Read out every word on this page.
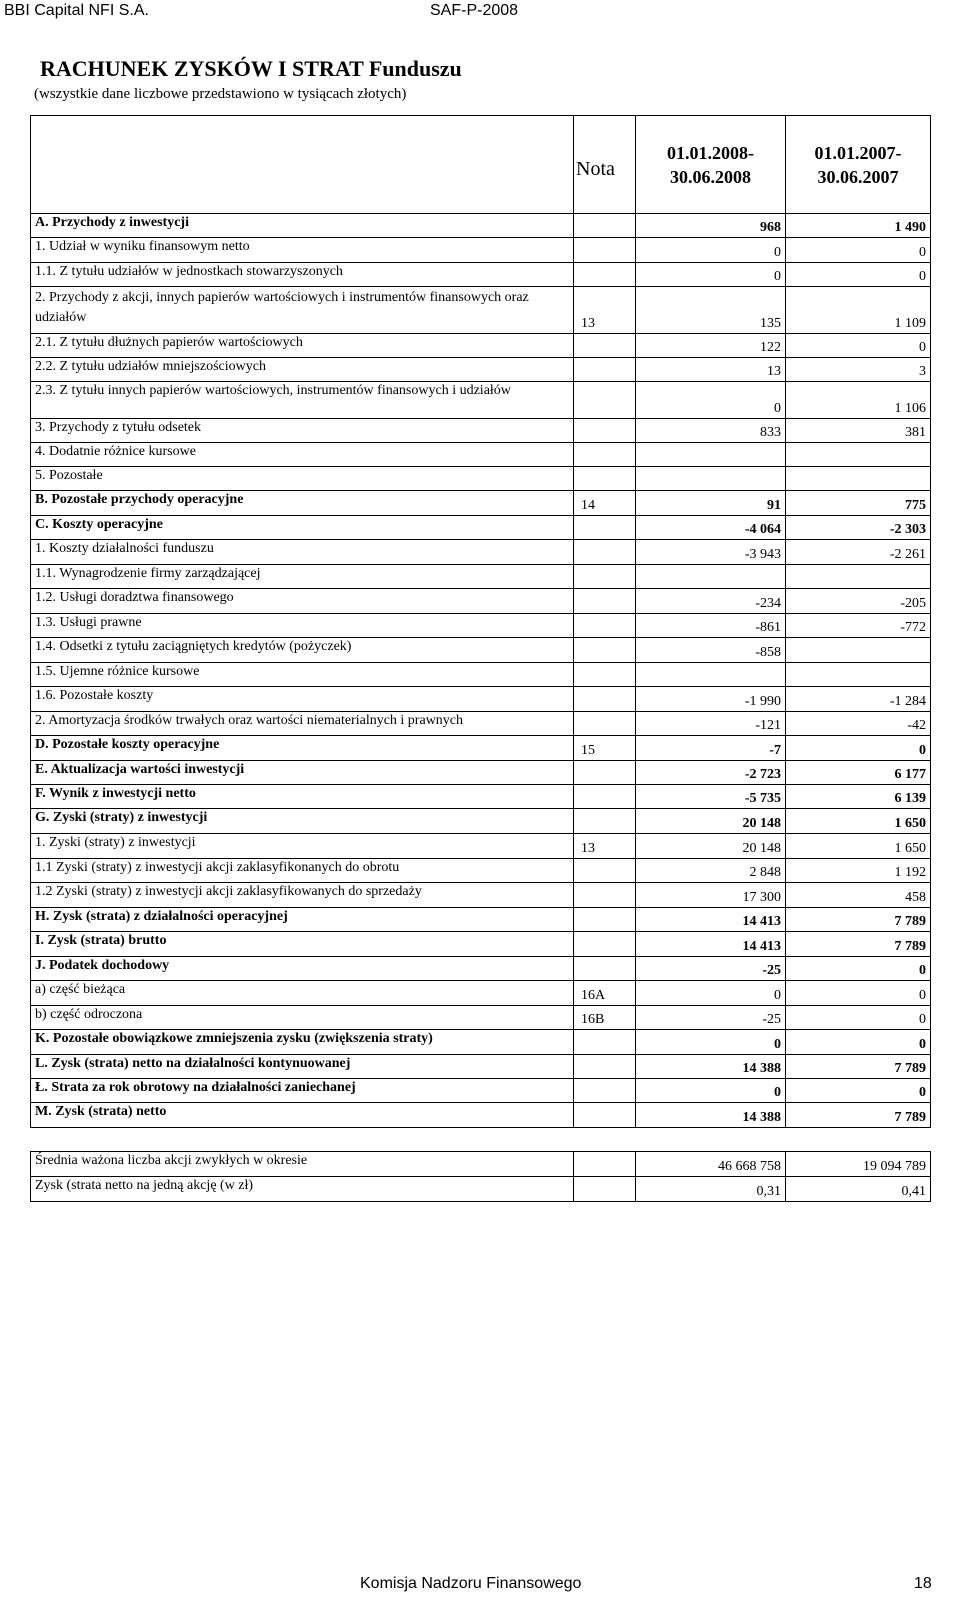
BBI Capital NFI S.A.	SAF-P-2008
RACHUNEK ZYSKÓW I STRAT Funduszu
(wszystkie dane liczbowe przedstawiono w tysiącach złotych)
	Nota	01.01.2008- 30.06.2008	01.01.2007- 30.06.2007
A. Przychody z inwestycji		968	1 490
1. Udział w wyniku finansowym netto		0	0
1.1. Z tytułu udziałów w jednostkach stowarzyszonych		0	0
2. Przychody z akcji, innych papierów wartościowych i instrumentów finansowych oraz udziałów	13	135	1 109
2.1. Z tytułu dłużnych papierów wartościowych		122	0
2.2. Z tytułu udziałów mniejszościowych		13	3
2.3. Z tytułu innych papierów wartościowych, instrumentów finansowych i udziałów		0	1 106
3. Przychody z tytułu odsetek		833	381
4. Dodatnie różnice kursowe			
5. Pozostałe			
B. Pozostałe przychody operacyjne	14	91	775
C. Koszty operacyjne		-4 064	-2 303
1. Koszty działalności funduszu		-3 943	-2 261
1.1. Wynagrodzenie firmy zarządzającej			
1.2. Usługi doradztwa finansowego		-234	-205
1.3. Usługi prawne		-861	-772
1.4. Odsetki z tytułu zaciągniętych kredytów (pożyczek)		-858	
1.5. Ujemne różnice kursowe			
1.6. Pozostałe koszty		-1 990	-1 284
2. Amortyzacja środków trwałych oraz wartości niematerialnych i prawnych		-121	-42
D. Pozostałe koszty operacyjne	15	-7	0
E. Aktualizacja wartości inwestycji		-2 723	6 177
F. Wynik z inwestycji netto		-5 735	6 139
G. Zyski (straty) z inwestycji		20 148	1 650
1. Zyski (straty) z inwestycji	13	20 148	1 650
1.1 Zyski (straty) z inwestycji akcji zaklasyfikonanych do obrotu		2 848	1 192
1.2 Zyski (straty) z inwestycji akcji zaklasyfikowanych do sprzedaży		17 300	458
H. Zysk (strata) z działalności operacyjnej		14 413	7 789
I. Zysk (strata) brutto		14 413	7 789
J. Podatek dochodowy		-25	0
a) część bieżąca	16A	0	0
b) część odroczona	16B	-25	0
K. Pozostałe obowiązkowe zmniejszenia zysku (zwiększenia straty)		0	0
L. Zysk (strata) netto na działalności kontynuowanej		14 388	7 789
Ł. Strata za rok obrotowy na działalności zaniechanej		0	0
M. Zysk (strata) netto		14 388	7 789

Średnia ważona liczba akcji zwykłych w okresie		46 668 758	19 094 789
Zysk (strata netto na jedną akcję (w zł)		0,31	0,41
Komisja Nadzoru Finansowego	18
